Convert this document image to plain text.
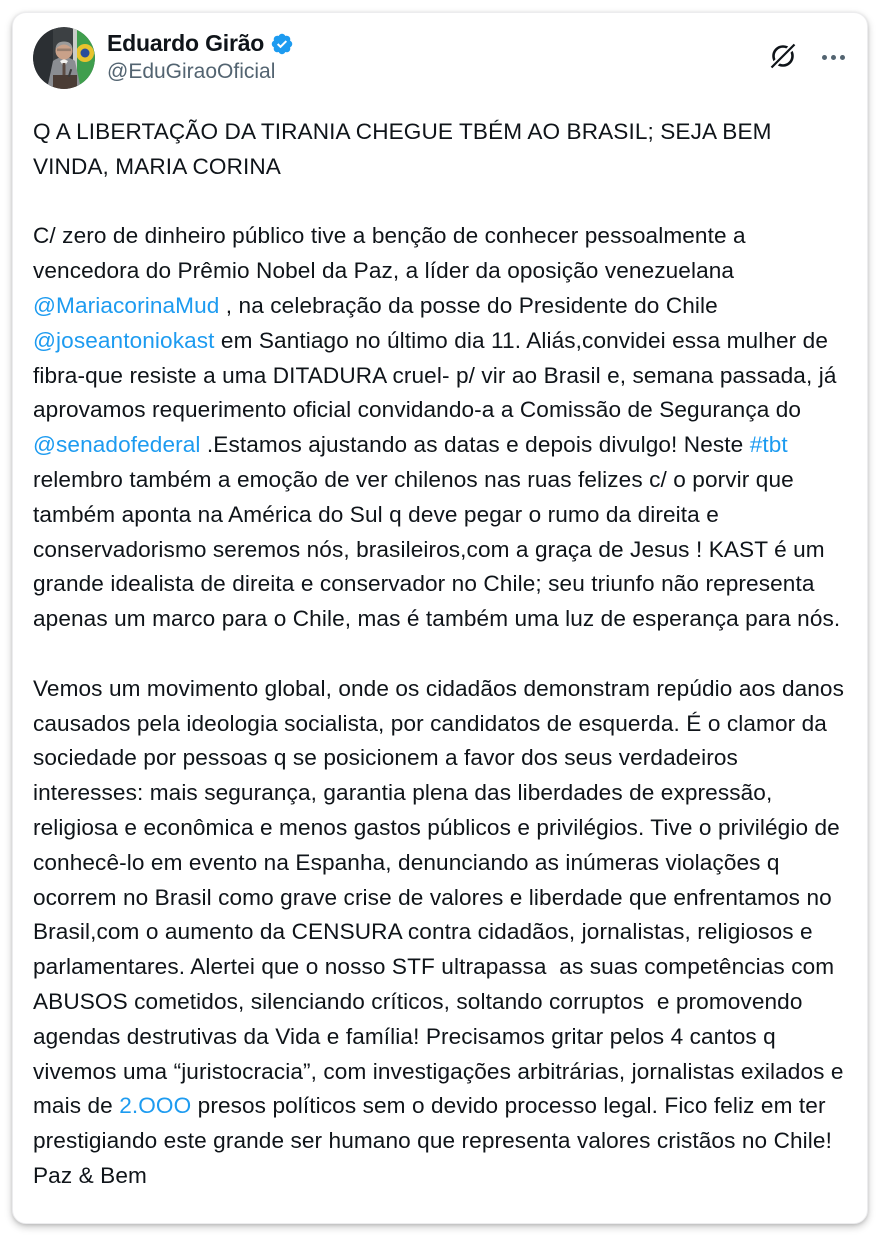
Eduardo Girão
@EduGiraoOficial

Q A LIBERTAÇÃO DA TIRANIA CHEGUE TBÉM AO BRASIL; SEJA BEM VINDA, MARIA CORINA

C/ zero de dinheiro público tive a benção de conhecer pessoalmente a vencedora do Prêmio Nobel da Paz, a líder da oposição venezuelana @MariacorinaMud , na celebração da posse do Presidente do Chile @joseantoniokast em Santiago no último dia 11. Aliás,convidei essa mulher de fibra-que resiste a uma DITADURA cruel- p/ vir ao Brasil e, semana passada, já  aprovamos requerimento oficial convidando-a a Comissão de Segurança do @senadofederal .Estamos ajustando as datas e depois divulgo! Neste #tbt relembro também a emoção de ver chilenos nas ruas felizes c/ o porvir que também aponta na América do Sul q deve pegar o rumo da direita e conservadorismo seremos nós, brasileiros,com a graça de Jesus ! KAST é um grande idealista de direita e conservador no Chile; seu triunfo não representa apenas um marco para o Chile, mas é também uma luz de esperança para nós.

Vemos um movimento global, onde os cidadãos demonstram repúdio aos danos causados pela ideologia socialista, por candidatos de esquerda. É o clamor da sociedade por pessoas q se posicionem a favor dos seus verdadeiros interesses: mais segurança, garantia plena das liberdades de expressão, religiosa e econômica e menos gastos públicos e privilégios. Tive o privilégio de conhecê-lo em evento na Espanha, denunciando as inúmeras violações q ocorrem no Brasil como grave crise de valores e liberdade que enfrentamos no Brasil,com o aumento da CENSURA contra cidadãos, jornalistas, religiosos e parlamentares. Alertei que o nosso STF ultrapassa  as suas competências com ABUSOS cometidos, silenciando críticos, soltando corruptos  e promovendo agendas destrutivas da Vida e família! Precisamos gritar pelos 4 cantos q vivemos uma “juristocracia”, com investigações arbitrárias, jornalistas exilados e mais de 2.OOO presos políticos sem o devido processo legal. Fico feliz em ter prestigiando este grande ser humano que representa valores cristãos no Chile! Paz & Bem
